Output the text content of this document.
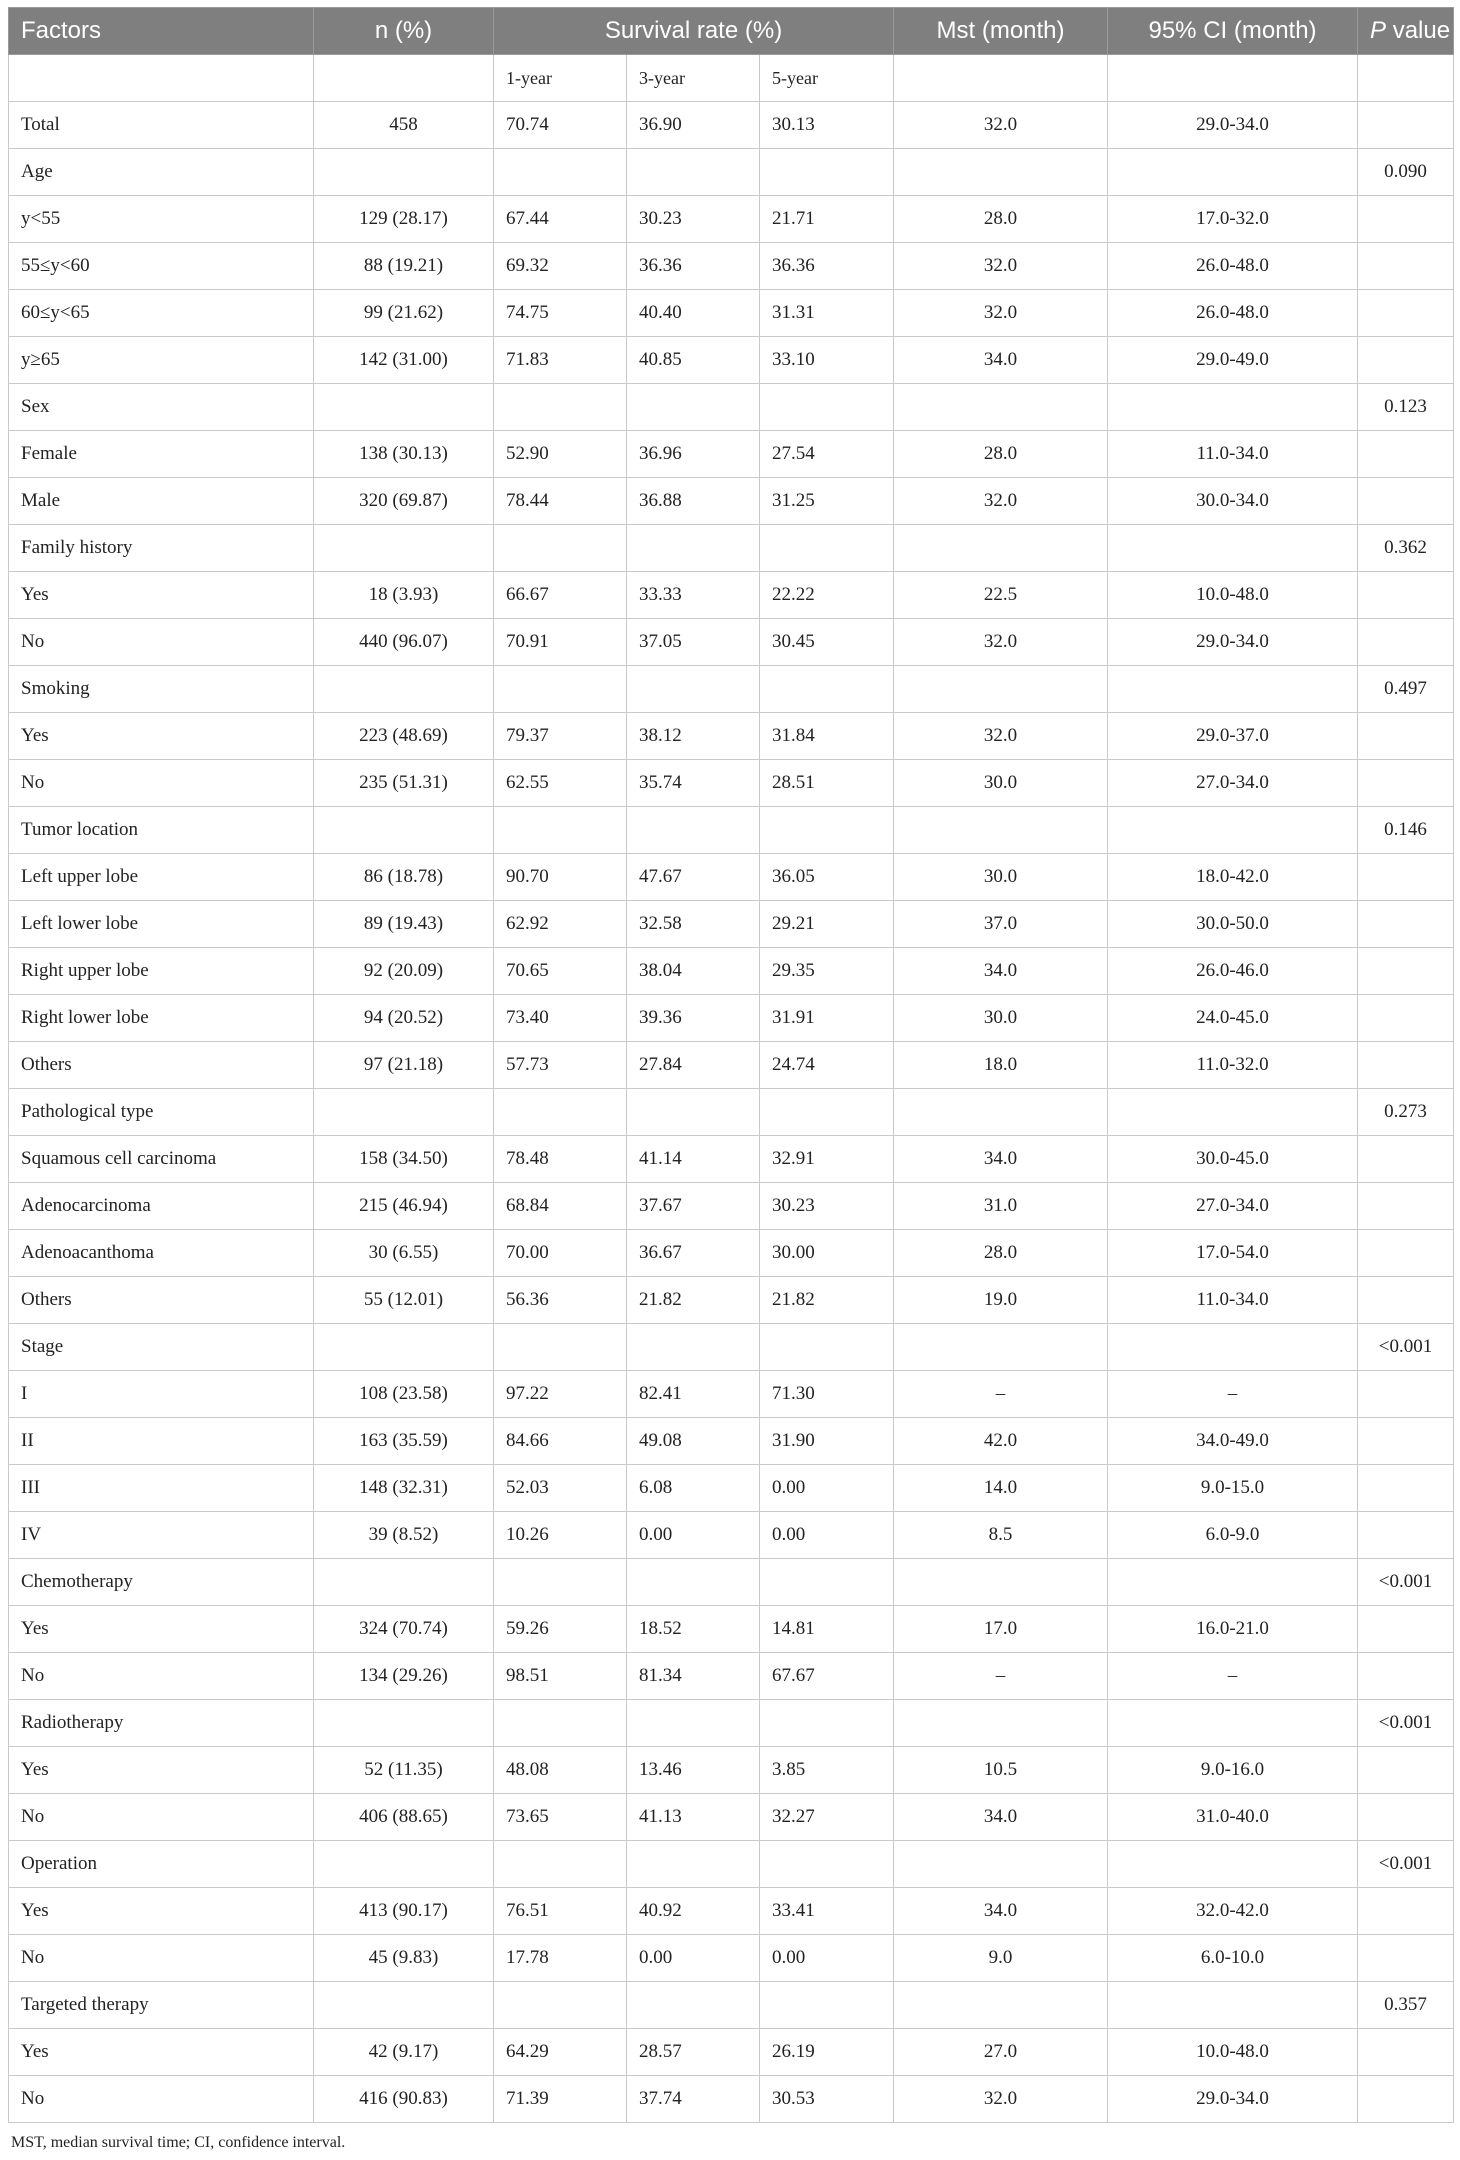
Factors	n (%)	Survival rate (%)			Mst (month)	95% CI (month)	P value
		1-year	3-year	5-year			
Total	458	70.74	36.90	30.13	32.0	29.0-34.0	
Age							0.090
y<55	129 (28.17)	67.44	30.23	21.71	28.0	17.0-32.0	
55≤y<60	88 (19.21)	69.32	36.36	36.36	32.0	26.0-48.0	
60≤y<65	99 (21.62)	74.75	40.40	31.31	32.0	26.0-48.0	
y≥65	142 (31.00)	71.83	40.85	33.10	34.0	29.0-49.0	
Sex							0.123
Female	138 (30.13)	52.90	36.96	27.54	28.0	11.0-34.0	
Male	320 (69.87)	78.44	36.88	31.25	32.0	30.0-34.0	
Family history							0.362
Yes	18 (3.93)	66.67	33.33	22.22	22.5	10.0-48.0	
No	440 (96.07)	70.91	37.05	30.45	32.0	29.0-34.0	
Smoking							0.497
Yes	223 (48.69)	79.37	38.12	31.84	32.0	29.0-37.0	
No	235 (51.31)	62.55	35.74	28.51	30.0	27.0-34.0	
Tumor location							0.146
Left upper lobe	86 (18.78)	90.70	47.67	36.05	30.0	18.0-42.0	
Left lower lobe	89 (19.43)	62.92	32.58	29.21	37.0	30.0-50.0	
Right upper lobe	92 (20.09)	70.65	38.04	29.35	34.0	26.0-46.0	
Right lower lobe	94 (20.52)	73.40	39.36	31.91	30.0	24.0-45.0	
Others	97 (21.18)	57.73	27.84	24.74	18.0	11.0-32.0	
Pathological type							0.273
Squamous cell carcinoma	158 (34.50)	78.48	41.14	32.91	34.0	30.0-45.0	
Adenocarcinoma	215 (46.94)	68.84	37.67	30.23	31.0	27.0-34.0	
Adenoacanthoma	30 (6.55)	70.00	36.67	30.00	28.0	17.0-54.0	
Others	55 (12.01)	56.36	21.82	21.82	19.0	11.0-34.0	
Stage							<0.001
I	108 (23.58)	97.22	82.41	71.30	–	–	
II	163 (35.59)	84.66	49.08	31.90	42.0	34.0-49.0	
III	148 (32.31)	52.03	6.08	0.00	14.0	9.0-15.0	
IV	39 (8.52)	10.26	0.00	0.00	8.5	6.0-9.0	
Chemotherapy							<0.001
Yes	324 (70.74)	59.26	18.52	14.81	17.0	16.0-21.0	
No	134 (29.26)	98.51	81.34	67.67	–	–	
Radiotherapy							<0.001
Yes	52 (11.35)	48.08	13.46	3.85	10.5	9.0-16.0	
No	406 (88.65)	73.65	41.13	32.27	34.0	31.0-40.0	
Operation							<0.001
Yes	413 (90.17)	76.51	40.92	33.41	34.0	32.0-42.0	
No	45 (9.83)	17.78	0.00	0.00	9.0	6.0-10.0	
Targeted therapy							0.357
Yes	42 (9.17)	64.29	28.57	26.19	27.0	10.0-48.0	
No	416 (90.83)	71.39	37.74	30.53	32.0	29.0-34.0	
MST, median survival time; CI, confidence interval.
